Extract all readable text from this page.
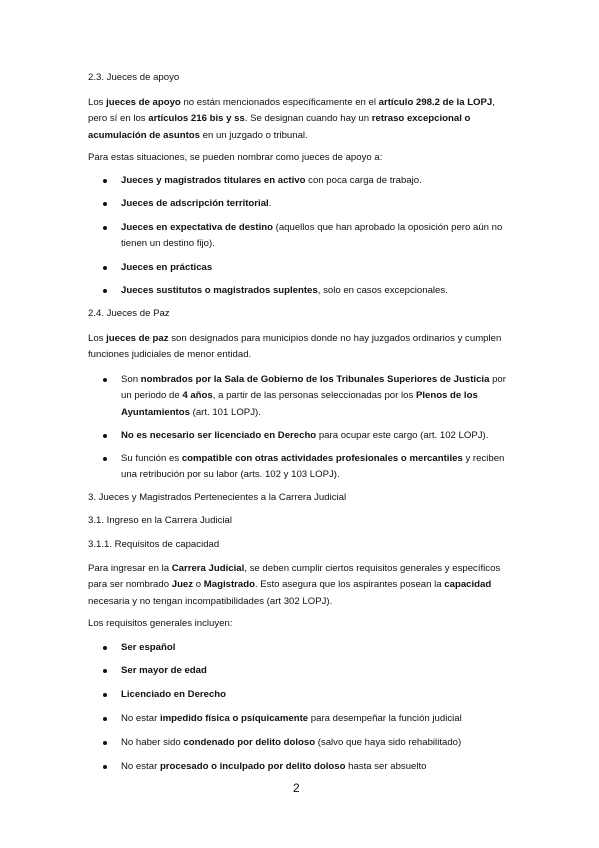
2.3. Jueces de apoyo

Los jueces de apoyo no están mencionados específicamente en el artículo 298.2 de la LOPJ, pero sí en los artículos 216 bis y ss. Se designan cuando hay un retraso excepcional o acumulación de asuntos en un juzgado o tribunal.

Para estas situaciones, se pueden nombrar como jueces de apoyo a:

Jueces y magistrados titulares en activo con poca carga de trabajo.

Jueces de adscripción territorial.

Jueces en expectativa de destino (aquellos que han aprobado la oposición pero aún no tienen un destino fijo).

Jueces en prácticas

Jueces sustitutos o magistrados suplentes, solo en casos excepcionales.

2.4. Jueces de Paz

Los jueces de paz son designados para municipios donde no hay juzgados ordinarios y cumplen funciones judiciales de menor entidad.

Son nombrados por la Sala de Gobierno de los Tribunales Superiores de Justicia por un periodo de 4 años, a partir de las personas seleccionadas por los Plenos de los Ayuntamientos (art. 101 LOPJ).

No es necesario ser licenciado en Derecho para ocupar este cargo (art. 102 LOPJ).

Su función es compatible con otras actividades profesionales o mercantiles y reciben una retribución por su labor (arts. 102 y 103 LOPJ).

3. Jueces y Magistrados Pertenecientes a la Carrera Judicial

3.1. Ingreso en la Carrera Judicial

3.1.1. Requisitos de capacidad

Para ingresar en la Carrera Judicial, se deben cumplir ciertos requisitos generales y específicos para ser nombrado Juez o Magistrado. Esto asegura que los aspirantes posean la capacidad necesaria y no tengan incompatibilidades (art 302 LOPJ).

Los requisitos generales incluyen:

Ser español

Ser mayor de edad

Licenciado en Derecho

No estar impedido física o psíquicamente para desempeñar la función judicial

No haber sido condenado por delito doloso (salvo que haya sido rehabilitado)

No estar procesado o inculpado por delito doloso hasta ser absuelto

2
